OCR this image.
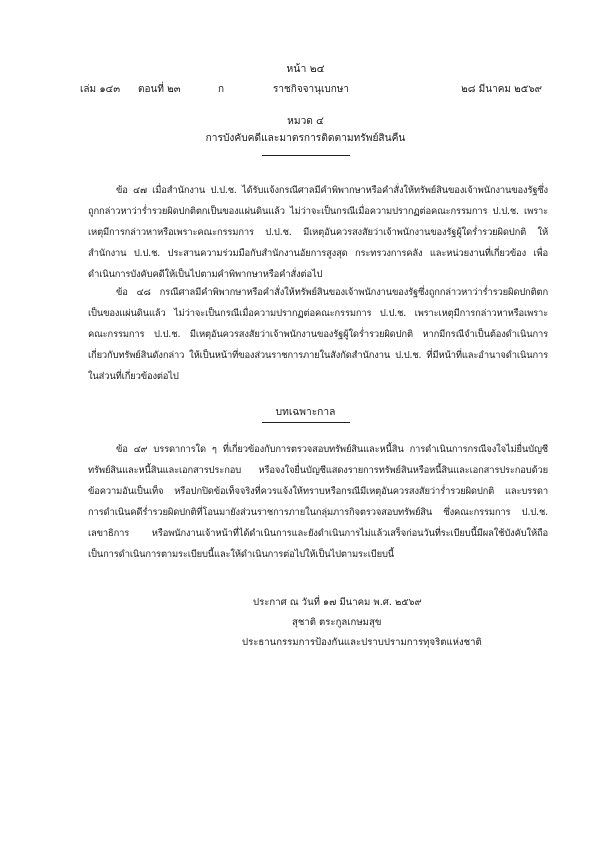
หน้า ๒๔
เล่ม ๑๔๓ ตอนที่ ๒๓	ก	ราชกิจจานุเบกษา	๒๘ มีนาคม ๒๕๖๙
หมวด ๔
การบังคับคดีและมาตรการติดตามทรัพย์สินคืน

ข้อ ๔๗ เมื่อสำนักงาน ป.ป.ช. ได้รับแจ้งกรณีศาลมีคำพิพากษาหรือคำสั่งให้ทรัพย์สินของเจ้าพนักงานของรัฐซึ่งถูกกล่าวหาว่าร่ำรวยผิดปกติตกเป็นของแผ่นดินแล้ว ไม่ว่าจะเป็นกรณีเมื่อความปรากฏต่อคณะกรรมการ ป.ป.ช. เพราะเหตุมีการกล่าวหาหรือเพราะคณะกรรมการ ป.ป.ช. มีเหตุอันควรสงสัยว่าเจ้าพนักงานของรัฐผู้ใดร่ำรวยผิดปกติ ให้สำนักงาน ป.ป.ช. ประสานความร่วมมือกับสำนักงานอัยการสูงสุด กระทรวงการคลัง และหน่วยงานที่เกี่ยวข้อง เพื่อดำเนินการบังคับคดีให้เป็นไปตามคำพิพากษาหรือคำสั่งต่อไป

ข้อ ๔๘ กรณีศาลมีคำพิพากษาหรือคำสั่งให้ทรัพย์สินของเจ้าพนักงานของรัฐซึ่งถูกกล่าวหาว่าร่ำรวยผิดปกติตกเป็นของแผ่นดินแล้ว ไม่ว่าจะเป็นกรณีเมื่อความปรากฏต่อคณะกรรมการ ป.ป.ช. เพราะเหตุมีการกล่าวหาหรือเพราะคณะกรรมการ ป.ป.ช. มีเหตุอันควรสงสัยว่าเจ้าพนักงานของรัฐผู้ใดร่ำรวยผิดปกติ หากมีกรณีจำเป็นต้องดำเนินการเกี่ยวกับทรัพย์สินดังกล่าว ให้เป็นหน้าที่ของส่วนราชการภายในสังกัดสำนักงาน ป.ป.ช. ที่มีหน้าที่และอำนาจดำเนินการในส่วนที่เกี่ยวข้องต่อไป

บทเฉพาะกาล

ข้อ ๔๙ บรรดาการใด ๆ ที่เกี่ยวข้องกับการตรวจสอบทรัพย์สินและหนี้สิน การดำเนินการกรณีจงใจไม่ยื่นบัญชีทรัพย์สินและหนี้สินและเอกสารประกอบ หรือจงใจยื่นบัญชีแสดงรายการทรัพย์สินหรือหนี้สินและเอกสารประกอบด้วยข้อความอันเป็นเท็จ หรือปกปิดข้อเท็จจริงที่ควรแจ้งให้ทราบหรือกรณีมีเหตุอันควรสงสัยว่าร่ำรวยผิดปกติ และบรรดาการดำเนินคดีร่ำรวยผิดปกติที่โอนมายังส่วนราชการภายในกลุ่มภารกิจตรวจสอบทรัพย์สิน ซึ่งคณะกรรมการ ป.ป.ช. เลขาธิการ หรือพนักงานเจ้าหน้าที่ได้ดำเนินการและยังดำเนินการไม่แล้วเสร็จก่อนวันที่ระเบียบนี้มีผลใช้บังคับให้ถือเป็นการดำเนินการตามระเบียบนี้และให้ดำเนินการต่อไปให้เป็นไปตามระเบียบนี้

ประกาศ ณ วันที่ ๑๗ มีนาคม พ.ศ. ๒๕๖๙
สุชาติ ตระกูลเกษมสุข
ประธานกรรมการป้องกันและปราบปรามการทุจริตแห่งชาติ
